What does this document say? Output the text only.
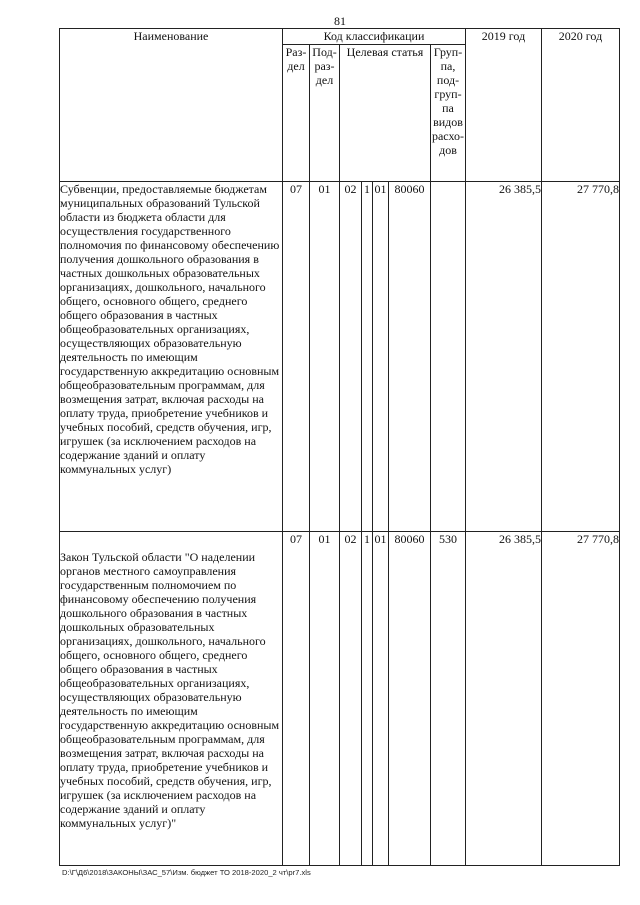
81
Наименование	Код классификации							2019 год	2020 год
	Раз-дел	Под-раз-дел	Целевая статья				Груп-па, под-груп-па видов расхо-дов		
Субвенции, предоставляемые бюджетам муниципальных образований Тульской области из бюджета области для осуществления государственного полномочия по финансовому обеспечению получения дошкольного образования в частных дошкольных образовательных организациях, дошкольного, начального общего, основного общего, среднего общего образования в частных общеобразовательных организациях, осуществляющих образовательную деятельность по имеющим государственную аккредитацию основным общеобразовательным программам, для возмещения затрат, включая расходы на оплату труда, приобретение учебников и учебных пособий, средств обучения, игр, игрушек (за исключением расходов на содержание зданий и оплату коммунальных услуг)	07	01	02	1	01	80060		26 385,5	27 770,8
Закон Тульской области "О наделении органов местного самоуправления государственным полномочием по финансовому обеспечению получения дошкольного образования в частных дошкольных образовательных организациях, дошкольного, начального общего, основного общего, среднего общего образования в частных общеобразовательных организациях, осуществляющих образовательную деятельность по имеющим государственную аккредитацию основным общеобразовательным программам, для возмещения затрат, включая расходы на оплату труда, приобретение учебников и учебных пособий, средств обучения, игр, игрушек (за исключением расходов на содержание зданий и оплату коммунальных услуг)"	07	01	02	1	01	80060	530	26 385,5	27 770,8
D:\Г\Д6\2018\ЗАКОНЫ\ЗАС_57\Изм. бюджет ТО 2018-2020_2 чт\pr7.xls
